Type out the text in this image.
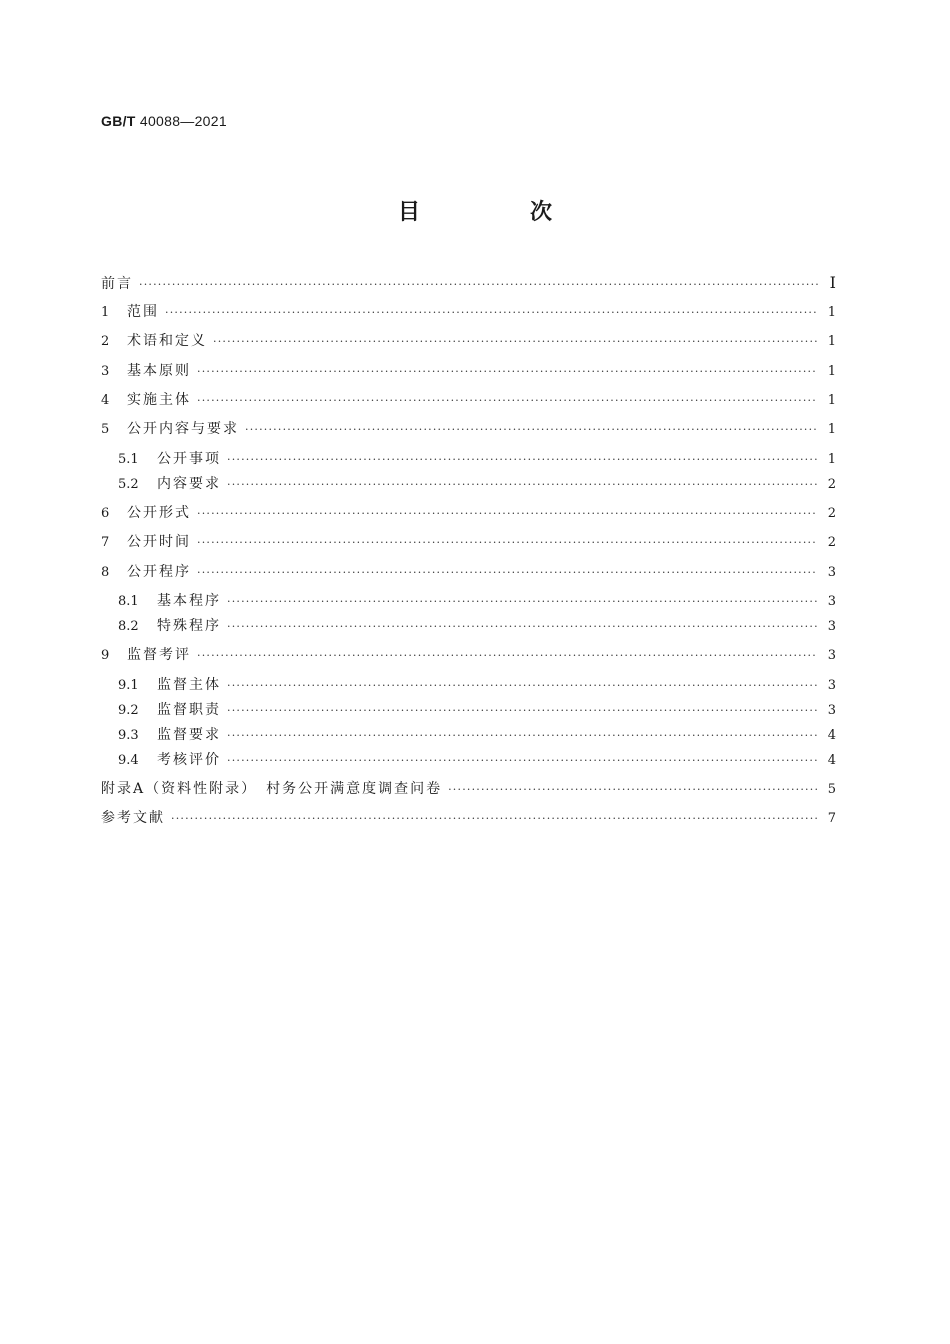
GB/T 40088—2021
目　次
前言 ·····	Ⅰ
1	范围 ·····	1
2	术语和定义 ·····	1
3	基本原则 ·····	1
4	实施主体 ·····	1
5	公开内容与要求 ·····	1
5.1	公开事项 ·····	1
5.2	内容要求 ·····	2
6	公开形式 ·····	2
7	公开时间 ·····	2
8	公开程序 ·····	3
8.1	基本程序 ·····	3
8.2	特殊程序 ·····	3
9	监督考评 ·····	3
9.1	监督主体 ·····	3
9.2	监督职责 ·····	3
9.3	监督要求 ·····	4
9.4	考核评价 ·····	4
附录A（资料性附录）　村务公开满意度调查问卷 ·····	5
参考文献 ·····	7
